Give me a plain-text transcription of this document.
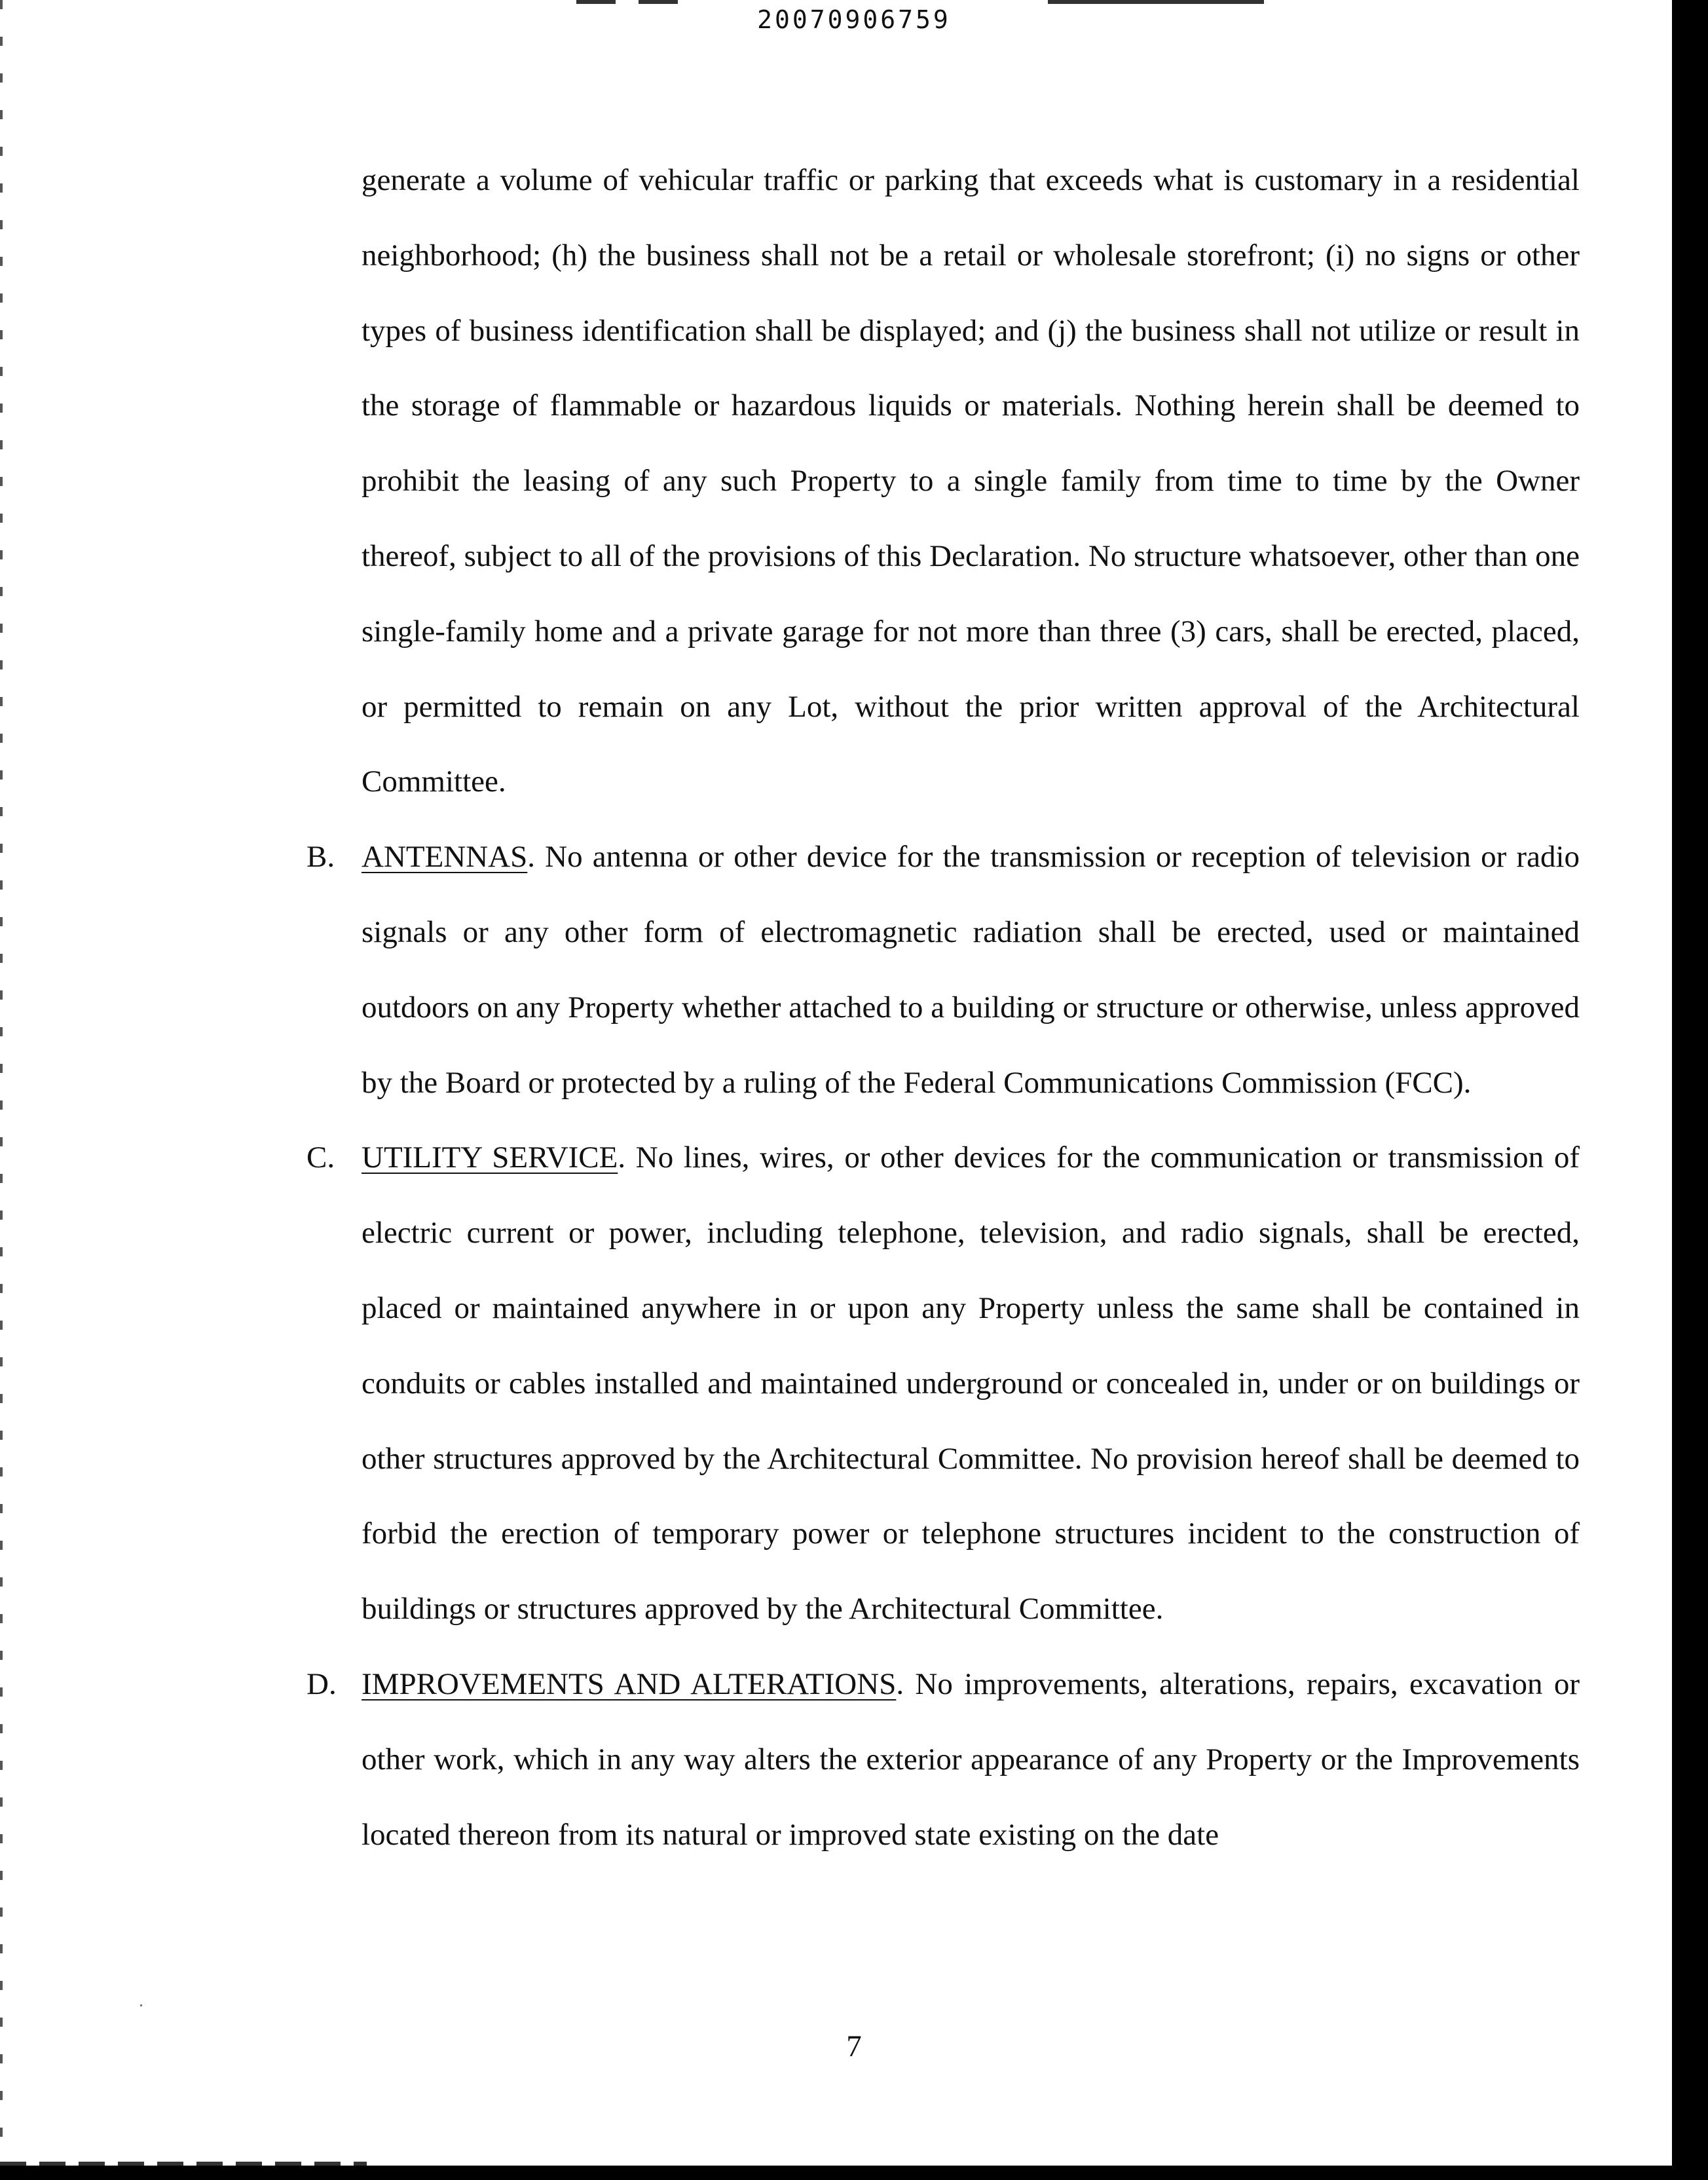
20070906759

generate a volume of vehicular traffic or parking that exceeds what is customary in a residential neighborhood; (h) the business shall not be a retail or wholesale storefront; (i) no signs or other types of business identification shall be displayed; and (j) the business shall not utilize or result in the storage of flammable or hazardous liquids or materials. Nothing herein shall be deemed to prohibit the leasing of any such Property to a single family from time to time by the Owner thereof, subject to all of the provisions of this Declaration. No structure whatsoever, other than one single-family home and a private garage for not more than three (3) cars, shall be erected, placed, or permitted to remain on any Lot, without the prior written approval of the Architectural Committee.

B. ANTENNAS. No antenna or other device for the transmission or reception of television or radio signals or any other form of electromagnetic radiation shall be erected, used or maintained outdoors on any Property whether attached to a building or structure or otherwise, unless approved by the Board or protected by a ruling of the Federal Communications Commission (FCC).
C. UTILITY SERVICE. No lines, wires, or other devices for the communication or transmission of electric current or power, including telephone, television, and radio signals, shall be erected, placed or maintained anywhere in or upon any Property unless the same shall be contained in conduits or cables installed and maintained underground or concealed in, under or on buildings or other structures approved by the Architectural Committee. No provision hereof shall be deemed to forbid the erection of temporary power or telephone structures incident to the construction of buildings or structures approved by the Architectural Committee.
D. IMPROVEMENTS AND ALTERATIONS. No improvements, alterations, repairs, excavation or other work, which in any way alters the exterior appearance of any Property or the Improvements located thereon from its natural or improved state existing on the date
7
